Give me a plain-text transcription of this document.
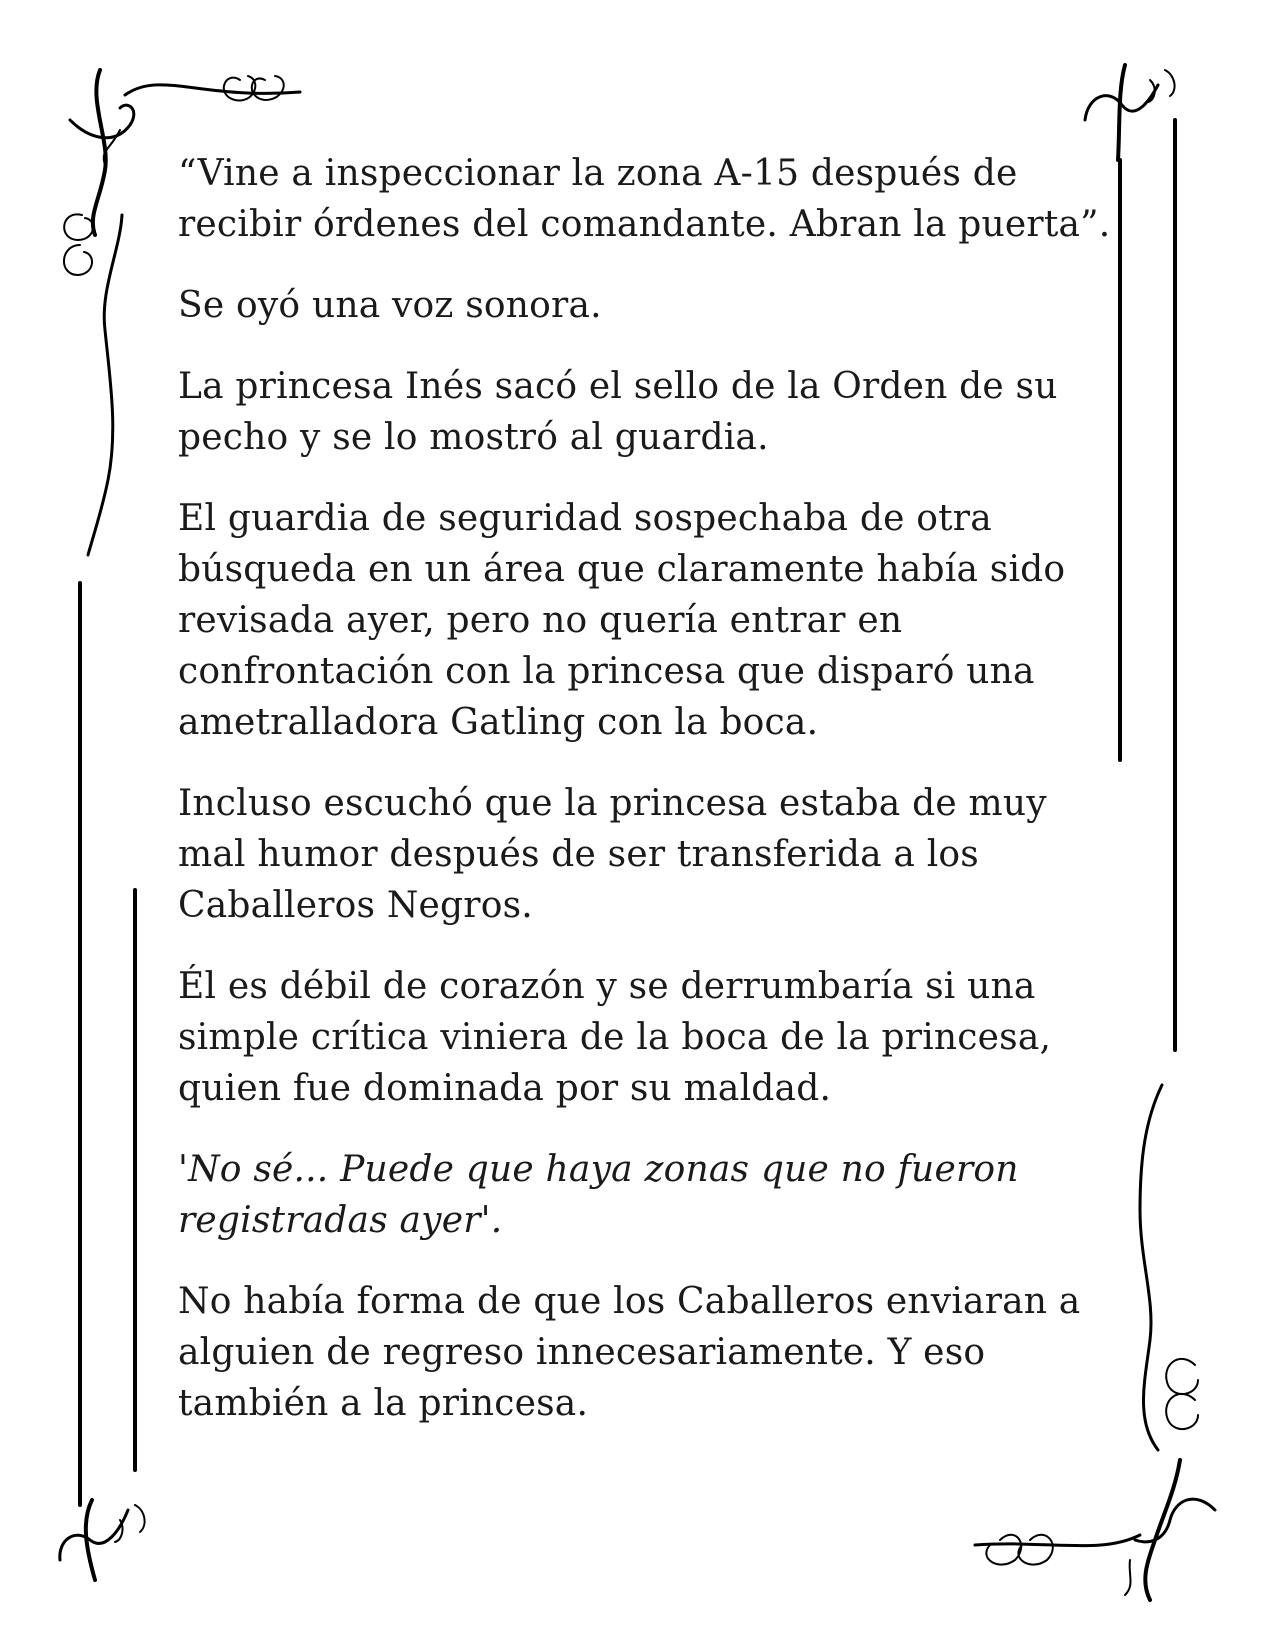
“Vine a inspeccionar la zona A-15 después de recibir órdenes del comandante. Abran la puerta”.

Se oyó una voz sonora.

La princesa Inés sacó el sello de la Orden de su pecho y se lo mostró al guardia.

El guardia de seguridad sospechaba de otra búsqueda en un área que claramente había sido revisada ayer, pero no quería entrar en confrontación con la princesa que disparó una ametralladora Gatling con la boca.

Incluso escuchó que la princesa estaba de muy mal humor después de ser transferida a los Caballeros Negros.

Él es débil de corazón y se derrumbaría si una simple crítica viniera de la boca de la princesa, quien fue dominada por su maldad.

'No sé... Puede que haya zonas que no fueron registradas ayer'.

No había forma de que los Caballeros enviaran a alguien de regreso innecesariamente. Y eso también a la princesa.
